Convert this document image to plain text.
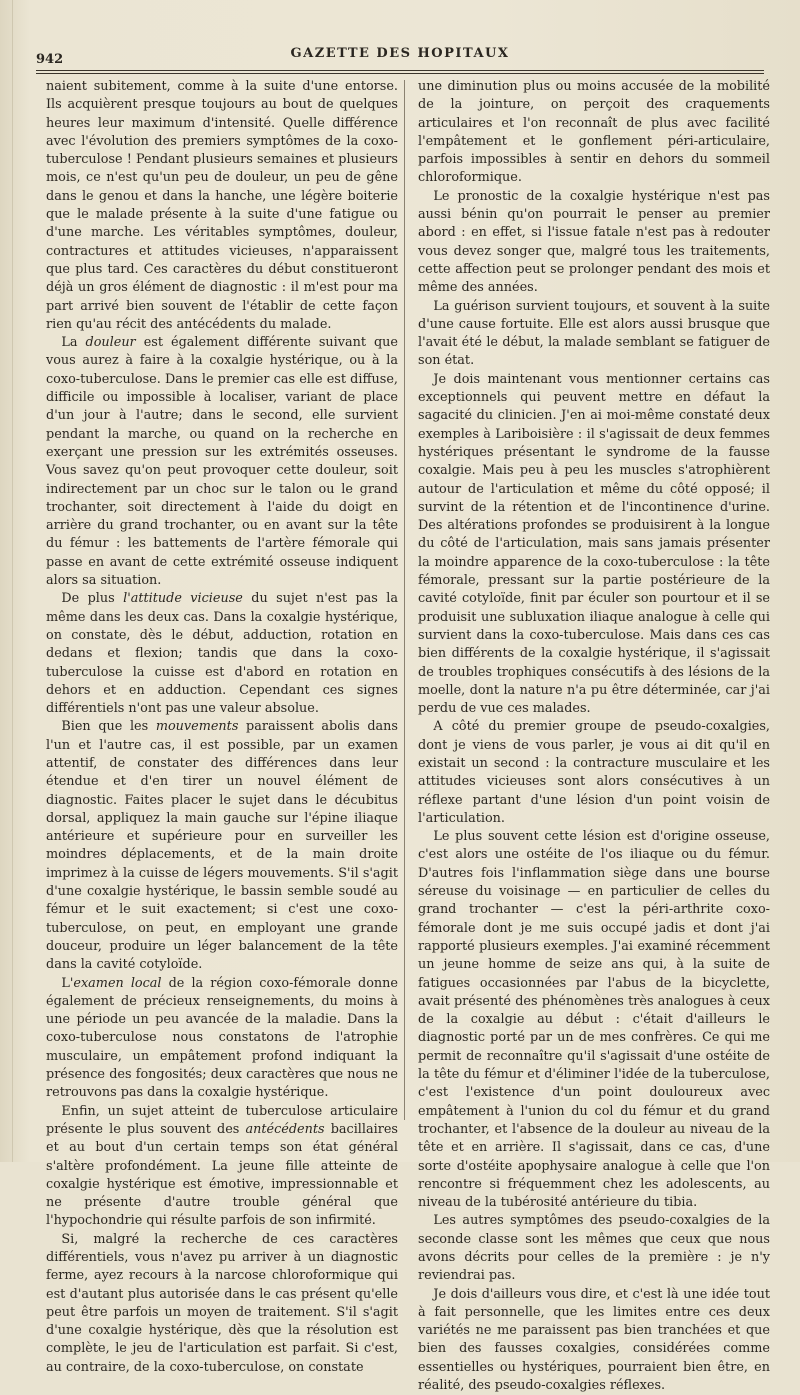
942	GAZETTE DES HOPITAUX

naient subitement, comme à la suite d'une entorse. Ils acquièrent presque toujours au bout de quelques heures leur maximum d'intensité. Quelle différence avec l'évolution des premiers symptômes de la coxo-tuberculose ! Pendant plusieurs semaines et plusieurs mois, ce n'est qu'un peu de douleur, un peu de gêne dans le genou et dans la hanche, une légère boiterie que le malade présente à la suite d'une fatigue ou d'une marche. Les véritables symptômes, douleur, contractures et attitudes vicieuses, n'apparaissent que plus tard. Ces caractères du début constitueront déjà un gros élément de diagnostic : il m'est pour ma part arrivé bien souvent de l'établir de cette façon rien qu'au récit des antécédents du malade.

La douleur est également différente suivant que vous aurez à faire à la coxalgie hystérique, ou à la coxo-tuberculose. Dans le premier cas elle est diffuse, difficile ou impossible à localiser, variant de place d'un jour à l'autre; dans le second, elle survient pendant la marche, ou quand on la recherche en exerçant une pression sur les extrémités osseuses. Vous savez qu'on peut provoquer cette douleur, soit indirectement par un choc sur le talon ou le grand trochanter, soit directement à l'aide du doigt en arrière du grand trochanter, ou en avant sur la tête du fémur : les battements de l'artère fémorale qui passe en avant de cette extrémité osseuse indiquent alors sa situation.

De plus l'attitude vicieuse du sujet n'est pas la même dans les deux cas. Dans la coxalgie hystérique, on constate, dès le début, adduction, rotation en dedans et flexion; tandis que dans la coxo-tuberculose la cuisse est d'abord en rotation en dehors et en adduction. Cependant ces signes différentiels n'ont pas une valeur absolue.

Bien que les mouvements paraissent abolis dans l'un et l'autre cas, il est possible, par un examen attentif, de constater des différences dans leur étendue et d'en tirer un nouvel élément de diagnostic. Faites placer le sujet dans le décubitus dorsal, appliquez la main gauche sur l'épine iliaque antérieure et supérieure pour en surveiller les moindres déplacements, et de la main droite imprimez à la cuisse de légers mouvements. S'il s'agit d'une coxalgie hystérique, le bassin semble soudé au fémur et le suit exactement; si c'est une coxo-tuberculose, on peut, en employant une grande douceur, produire un léger balancement de la tête dans la cavité cotyloïde.

L'examen local de la région coxo-fémorale donne également de précieux renseignements, du moins à une période un peu avancée de la maladie. Dans la coxo-tuberculose nous constatons de l'atrophie musculaire, un empâtement profond indiquant la présence des fongosités; deux caractères que nous ne retrouvons pas dans la coxalgie hystérique.

Enfin, un sujet atteint de tuberculose articulaire présente le plus souvent des antécédents bacillaires et au bout d'un certain temps son état général s'altère profondément. La jeune fille atteinte de coxalgie hystérique est émotive, impressionnable et ne présente d'autre trouble général que l'hypochondrie qui résulte parfois de son infirmité.

Si, malgré la recherche de ces caractères différentiels, vous n'avez pu arriver à un diagnostic ferme, ayez recours à la narcose chloroformique qui est d'autant plus autorisée dans le cas présent qu'elle peut être parfois un moyen de traitement. S'il s'agit d'une coxalgie hystérique, dès que la résolution est complète, le jeu de l'articulation est parfait. Si c'est, au contraire, de la coxo-tuberculose, on constate

une diminution plus ou moins accusée de la mobilité de la jointure, on perçoit des craquements articulaires et l'on reconnaît de plus avec facilité l'empâtement et le gonflement péri-articulaire, parfois impossibles à sentir en dehors du sommeil chloroformique.

Le pronostic de la coxalgie hystérique n'est pas aussi bénin qu'on pourrait le penser au premier abord : en effet, si l'issue fatale n'est pas à redouter vous devez songer que, malgré tous les traitements, cette affection peut se prolonger pendant des mois et même des années.

La guérison survient toujours, et souvent à la suite d'une cause fortuite. Elle est alors aussi brusque que l'avait été le début, la malade semblant se fatiguer de son état.

Je dois maintenant vous mentionner certains cas exceptionnels qui peuvent mettre en défaut la sagacité du clinicien. J'en ai moi-même constaté deux exemples à Lariboisière : il s'agissait de deux femmes hystériques présentant le syndrome de la fausse coxalgie. Mais peu à peu les muscles s'atrophièrent autour de l'articulation et même du côté opposé; il survint de la rétention et de l'incontinence d'urine. Des altérations profondes se produisirent à la longue du côté de l'articulation, mais sans jamais présenter la moindre apparence de la coxo-tuberculose : la tête fémorale, pressant sur la partie postérieure de la cavité cotyloïde, finit par éculer son pourtour et il se produisit une subluxation iliaque analogue à celle qui survient dans la coxo-tuberculose. Mais dans ces cas bien différents de la coxalgie hystérique, il s'agissait de troubles trophiques consécutifs à des lésions de la moelle, dont la nature n'a pu être déterminée, car j'ai perdu de vue ces malades.

A côté du premier groupe de pseudo-coxalgies, dont je viens de vous parler, je vous ai dit qu'il en existait un second : la contracture musculaire et les attitudes vicieuses sont alors consécutives à un réflexe partant d'une lésion d'un point voisin de l'articulation.

Le plus souvent cette lésion est d'origine osseuse, c'est alors une ostéite de l'os iliaque ou du fémur. D'autres fois l'inflammation siège dans une bourse séreuse du voisinage — en particulier de celles du grand trochanter — c'est la péri-arthrite coxo-fémorale dont je me suis occupé jadis et dont j'ai rapporté plusieurs exemples. J'ai examiné récemment un jeune homme de seize ans qui, à la suite de fatigues occasionnées par l'abus de la bicyclette, avait présenté des phénomènes très analogues à ceux de la coxalgie au début : c'était d'ailleurs le diagnostic porté par un de mes confrères. Ce qui me permit de reconnaître qu'il s'agissait d'une ostéite de la tête du fémur et d'éliminer l'idée de la tuberculose, c'est l'existence d'un point douloureux avec empâtement à l'union du col du fémur et du grand trochanter, et l'absence de la douleur au niveau de la tête et en arrière. Il s'agissait, dans ce cas, d'une sorte d'ostéite apophysaire analogue à celle que l'on rencontre si fréquemment chez les adolescents, au niveau de la tubérosité antérieure du tibia.

Les autres symptômes des pseudo-coxalgies de la seconde classe sont les mêmes que ceux que nous avons décrits pour celles de la première : je n'y reviendrai pas.

Je dois d'ailleurs vous dire, et c'est là une idée tout à fait personnelle, que les limites entre ces deux variétés ne me paraissent pas bien tranchées et que bien des fausses coxalgies, considérées comme essentielles ou hystériques, pourraient bien être, en réalité, des pseudo-coxalgies réflexes.
